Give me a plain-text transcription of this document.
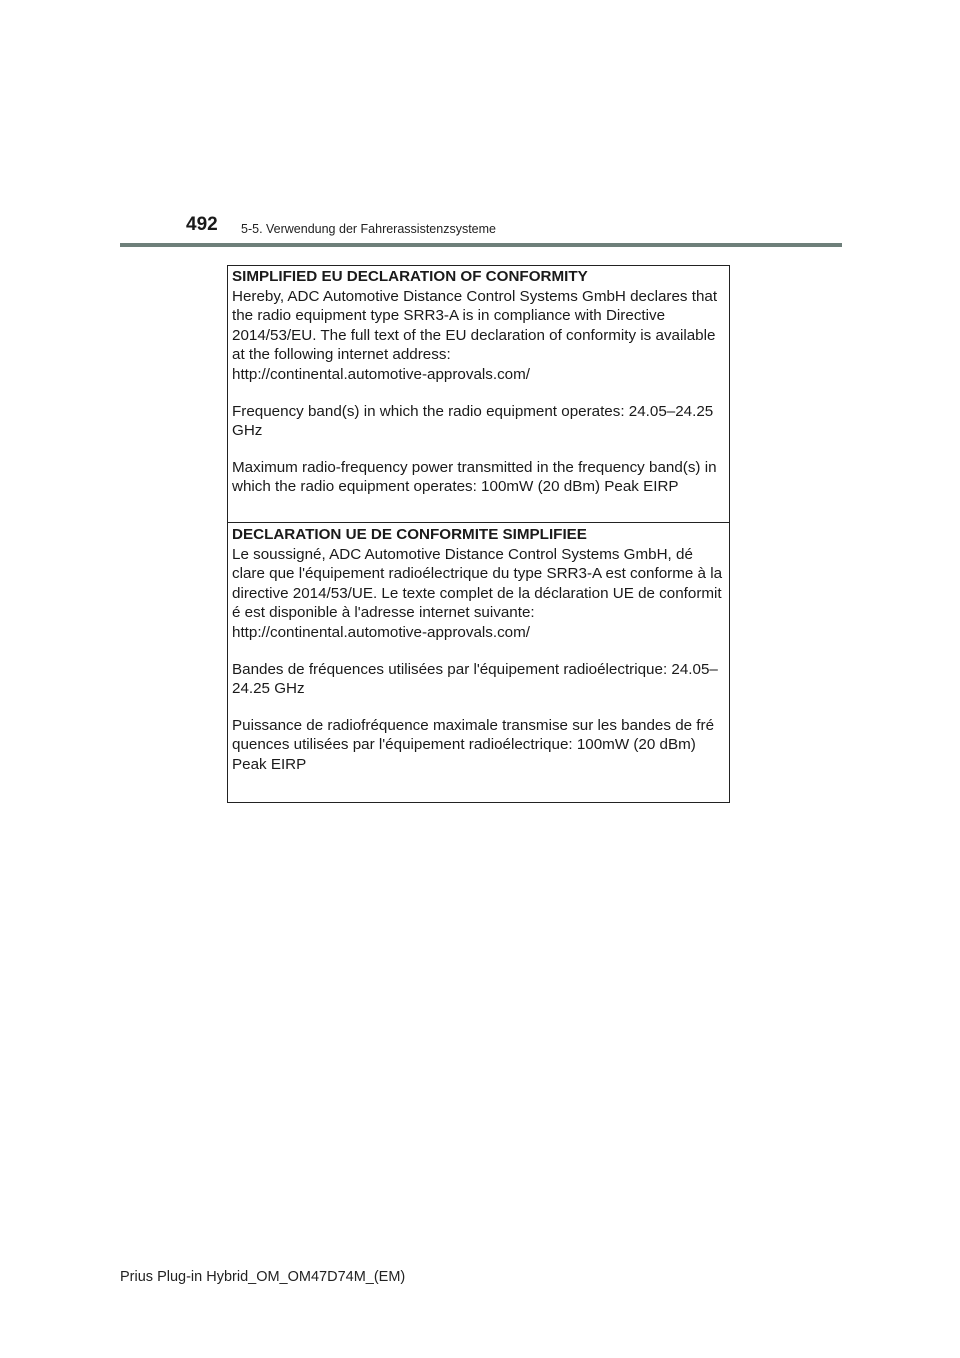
492 5-5. Verwendung der Fahrerassistenzsysteme
SIMPLIFIED EU DECLARATION OF CONFORMITY
Hereby, ADC Automotive Distance Control Systems GmbH declares that the radio equipment type SRR3-A is in compliance with Directive 2014/53/EU. The full text of the EU declaration of conformity is available at the following internet address:
http://continental.automotive-approvals.com/
Frequency band(s) in which the radio equipment operates: 24.05–24.25 GHz
Maximum radio-frequency power transmitted in the frequency band(s) in which the radio equipment operates: 100mW (20 dBm) Peak EIRP
DECLARATION UE DE CONFORMITE SIMPLIFIEE
Le soussigné, ADC Automotive Distance Control Systems GmbH, dé clare que l'équipement radioélectrique du type SRR3-A est conforme à la directive 2014/53/UE. Le texte complet de la déclaration UE de conformit é est disponible à l'adresse internet suivante:
http://continental.automotive-approvals.com/
Bandes de fréquences utilisées par l'équipement radioélectrique: 24.05–24.25 GHz
Puissance de radiofréquence maximale transmise sur les bandes de fré quences utilisées par l'équipement radioélectrique: 100mW (20 dBm) Peak EIRP
Prius Plug-in Hybrid_OM_OM47D74M_(EM)
